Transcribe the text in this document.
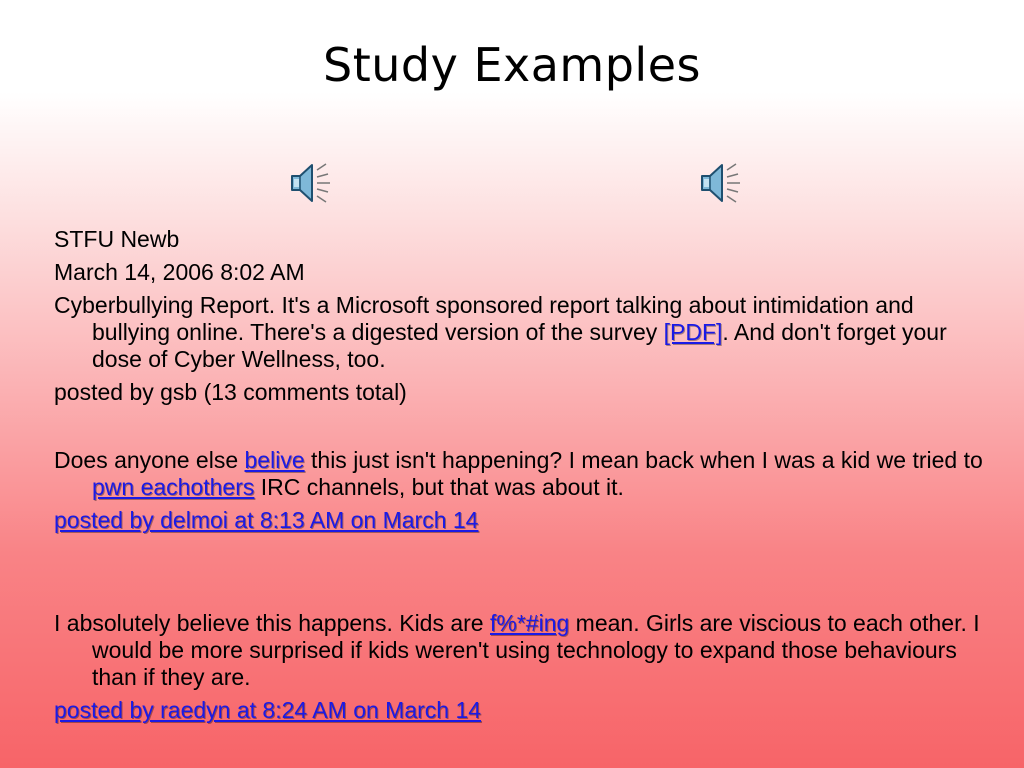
Study Examples

STFU Newb

March 14, 2006 8:02 AM

Cyberbullying Report. It's a Microsoft sponsored report talking about intimidation and bullying online. There's a digested version of the survey [PDF]. And don't forget your dose of Cyber Wellness, too.

posted by gsb (13 comments total)

Does anyone else belive this just isn't happening? I mean back when I was a kid we tried to pwn eachothers IRC channels, but that was about it.

posted by delmoi at 8:13 AM on March 14

I absolutely believe this happens. Kids are f%*#ing mean. Girls are viscious to each other. I would be more surprised if kids weren't using technology to expand those behaviours than if they are.

posted by raedyn at 8:24 AM on March 14
